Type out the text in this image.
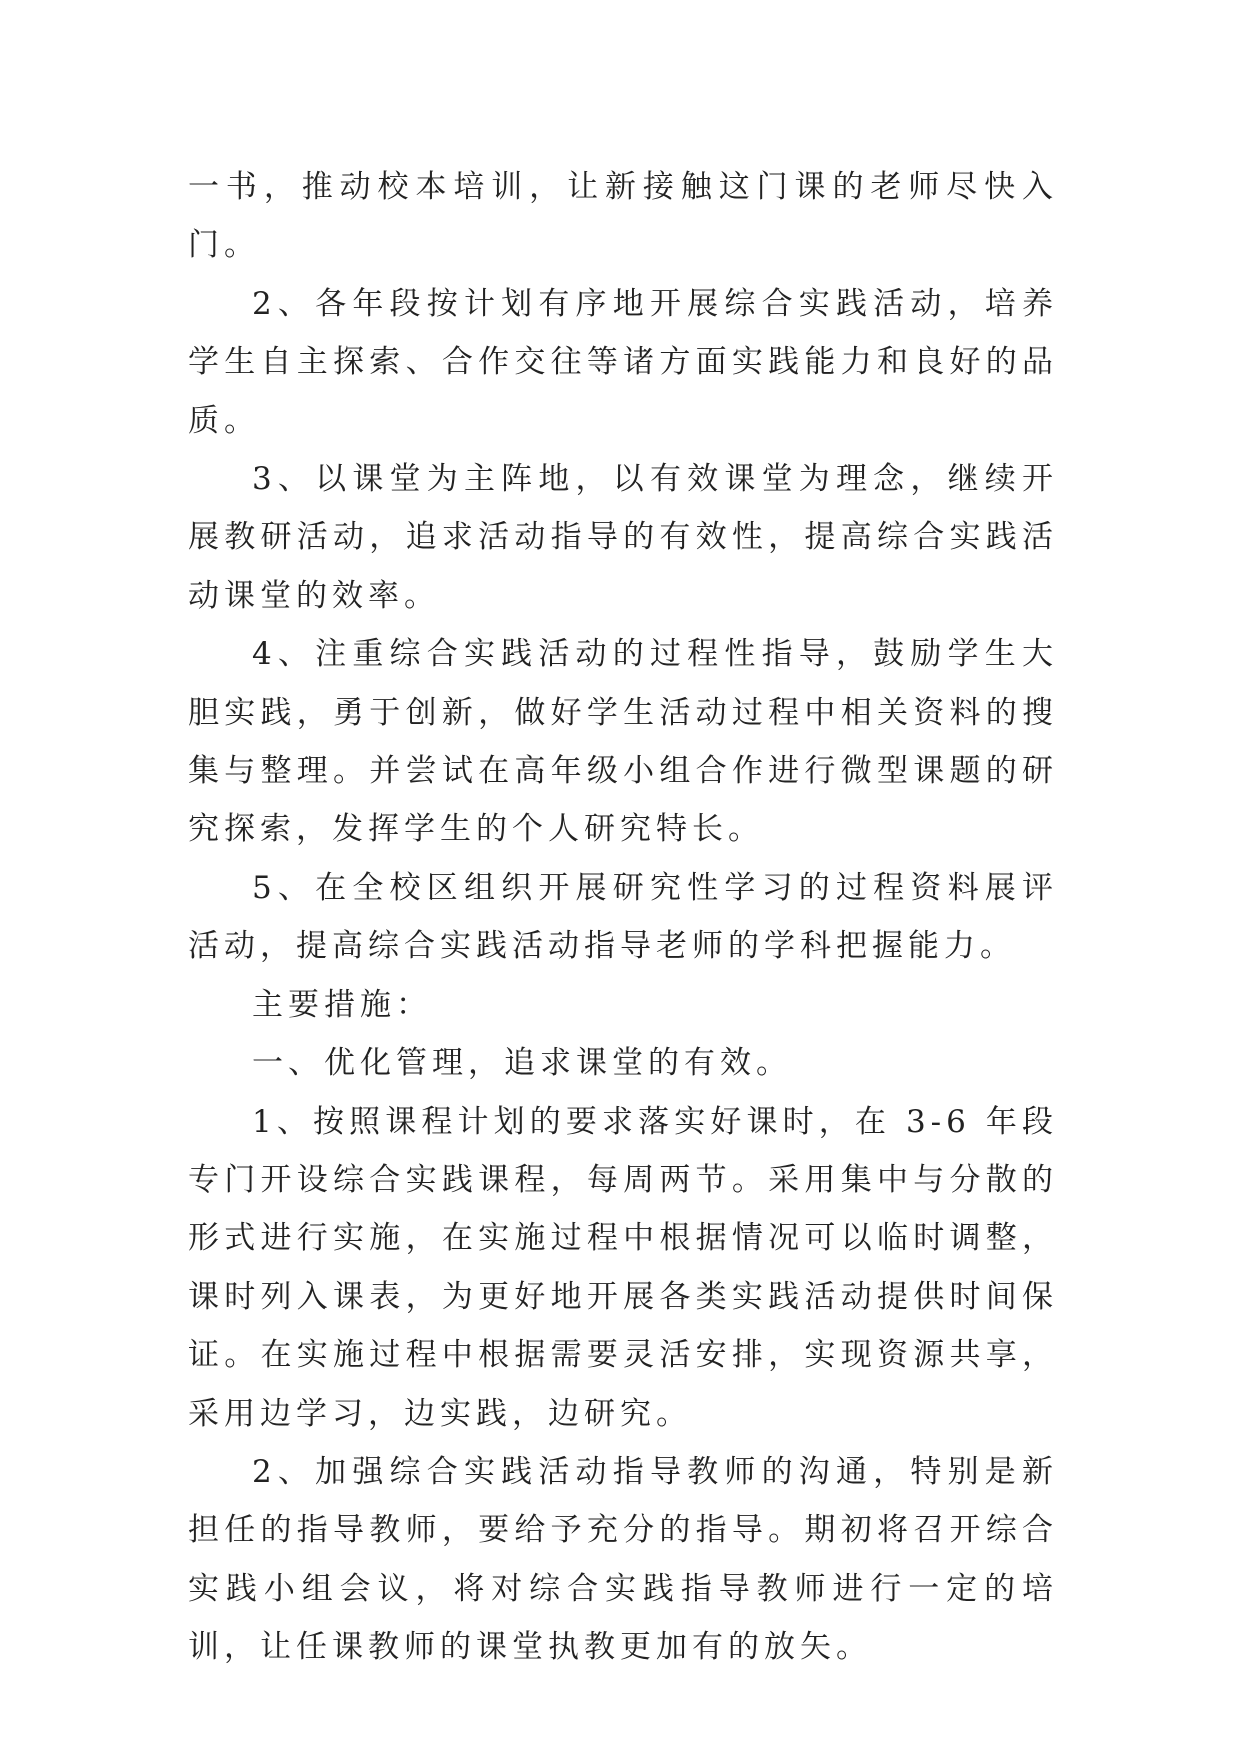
一书，推动校本培训，让新接触这门课的老师尽快入门。

2、各年段按计划有序地开展综合实践活动，培养学生自主探索、合作交往等诸方面实践能力和良好的品质。

3、以课堂为主阵地，以有效课堂为理念，继续开展教研活动，追求活动指导的有效性，提高综合实践活动课堂的效率。

4、注重综合实践活动的过程性指导，鼓励学生大胆实践，勇于创新，做好学生活动过程中相关资料的搜集与整理。并尝试在高年级小组合作进行微型课题的研究探索，发挥学生的个人研究特长。

5、在全校区组织开展研究性学习的过程资料展评活动，提高综合实践活动指导老师的学科把握能力。

主要措施：

一、优化管理，追求课堂的有效。

1、按照课程计划的要求落实好课时，在 3-6 年段专门开设综合实践课程，每周两节。采用集中与分散的形式进行实施，在实施过程中根据情况可以临时调整，课时列入课表，为更好地开展各类实践活动提供时间保证。在实施过程中根据需要灵活安排，实现资源共享，采用边学习，边实践，边研究。

2、加强综合实践活动指导教师的沟通，特别是新担任的指导教师，要给予充分的指导。期初将召开综合实践小组会议，将对综合实践指导教师进行一定的培训，让任课教师的课堂执教更加有的放矢。
